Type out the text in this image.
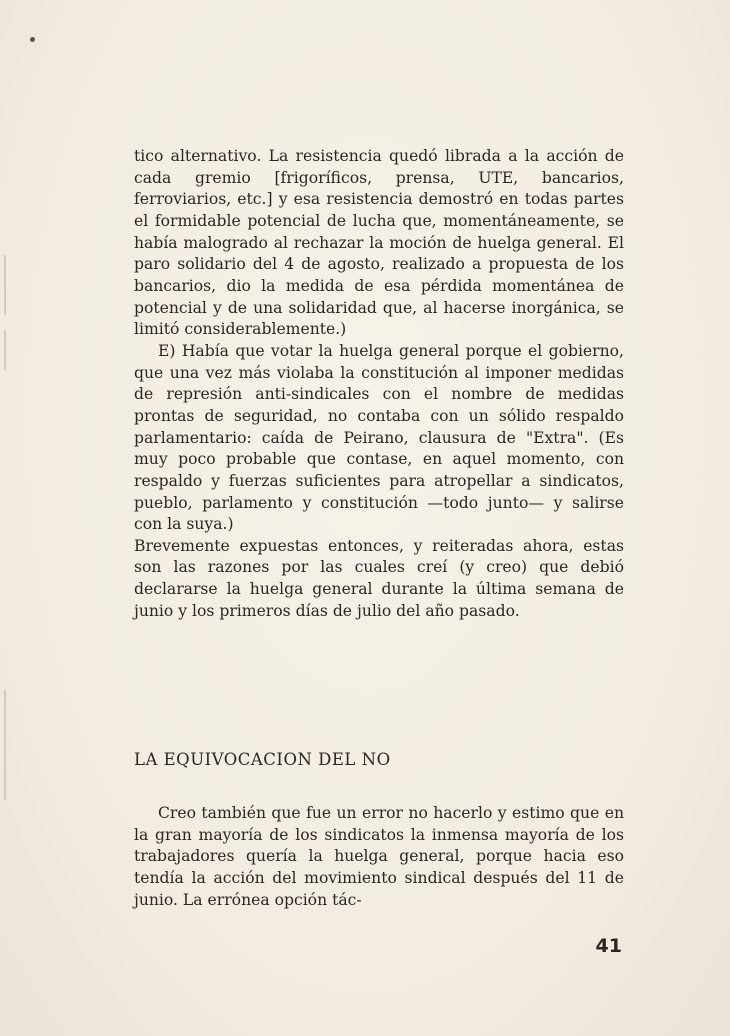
tico alternativo. La resistencia quedó librada a la acción de cada gremio [frigoríficos, prensa, UTE, bancarios, ferroviarios, etc.] y esa resistencia demostró en todas partes el formidable potencial de lucha que, momentáneamente, se había malogrado al rechazar la moción de huelga general. El paro solidario del 4 de agosto, realizado a propuesta de los bancarios, dio la medida de esa pérdida momentánea de potencial y de una solidaridad que, al hacerse inorgánica, se limitó considerablemente.)

E) Había que votar la huelga general porque el gobierno, que una vez más violaba la constitución al imponer medidas de represión anti-sindicales con el nombre de medidas prontas de seguridad, no contaba con un sólido respaldo parlamentario: caída de Peirano, clausura de "Extra". (Es muy poco probable que contase, en aquel momento, con respaldo y fuerzas suficientes para atropellar a sindicatos, pueblo, parlamento y constitución —todo junto— y salirse con la suya.)

Brevemente expuestas entonces, y reiteradas ahora, estas son las razones por las cuales creí (y creo) que debió declararse la huelga general durante la última semana de junio y los primeros días de julio del año pasado.

LA EQUIVOCACION DEL NO

Creo también que fue un error no hacerlo y estimo que en la gran mayoría de los sindicatos la inmensa mayoría de los trabajadores quería la huelga general, porque hacia eso tendía la acción del movimiento sindical después del 11 de junio. La errónea opción tác-

41
